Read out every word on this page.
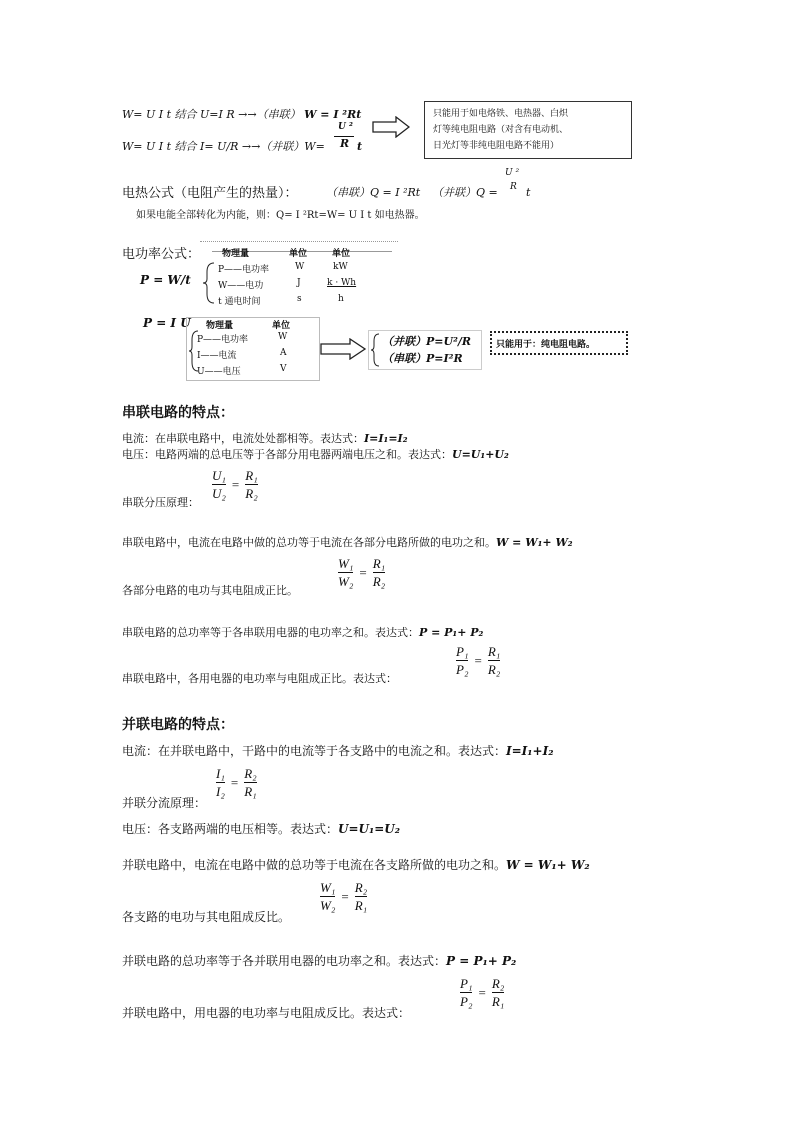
W= U I t 结合 U=I R →→（串联） W = I ²Rt
W= U I t 结合 I= U/R →→（并联）W=
U ²
R t
只能用于如电烙铁、电热器、白炽
灯等纯电阻电路（对含有电动机、
日光灯等非纯电阻电路不能用）
电热公式（电阻产生的热量）：	（串联）Q = I ²Rt （并联）Q =
U ²
R t
如果电能全部转化为内能，则：Q= I ²Rt=W= U I t 如电热器。
电功率公式：
P = W/t
物理量	单位	单位
P——电功率	W	kW
W——电功	J	k · Wh
t 通电时间	s	h
P = I U 物理量	单位
P——电功率	W
I——电流	A
U——电压	V
（并联）P=U²/R
（串联）P=I²R
只能用于：纯电阻电路。
串联电路的特点：
电流：在串联电路中，电流处处都相等。表达式：I=I₁=I₂
电压：电路两端的总电压等于各部分用电器两端电压之和。表达式：U=U₁+U₂
$\frac{\text{U₁}}{\text{U₂}} = \frac{\text{R₁}}{\text{R₂}}$
串联分压原理：
串联电路中，电流在电路中做的总功等于电流在各部分电路所做的电功之和。W = W₁+ W₂
$\frac{\text{W₁}}{\text{W₂}} = \frac{\text{R₁}}{\text{R₂}}$
各部分电路的电功与其电阻成正比。
串联电路的总功率等于各串联用电器的电功率之和。表达式：P = P₁+ P₂
$\frac{\text{P₁}}{\text{P₂}} = \frac{\text{R₁}}{\text{R₂}}$
串联电路中，各用电器的电功率与电阻成正比。表达式：
并联电路的特点：
电流：在并联电路中，干路中的电流等于各支路中的电流之和。表达式：I=I₁+I₂
$\frac{\text{I₁}}{\text{I₂}} = \frac{\text{R₂}}{\text{R₁}}$
并联分流原理：
电压：各支路两端的电压相等。表达式：U=U₁=U₂
并联电路中，电流在电路中做的总功等于电流在各支路所做的电功之和。W = W₁+ W₂
$\frac{\text{W₁}}{\text{W₂}} = \frac{\text{R₂}}{\text{R₁}}$
各支路的电功与其电阻成反比。
并联电路的总功率等于各并联用电器的电功率之和。表达式：P = P₁+ P₂
$\frac{\text{P₁}}{\text{P₂}} = \frac{\text{R₂}}{\text{R₁}}$
并联电路中，用电器的电功率与电阻成反比。表达式：
